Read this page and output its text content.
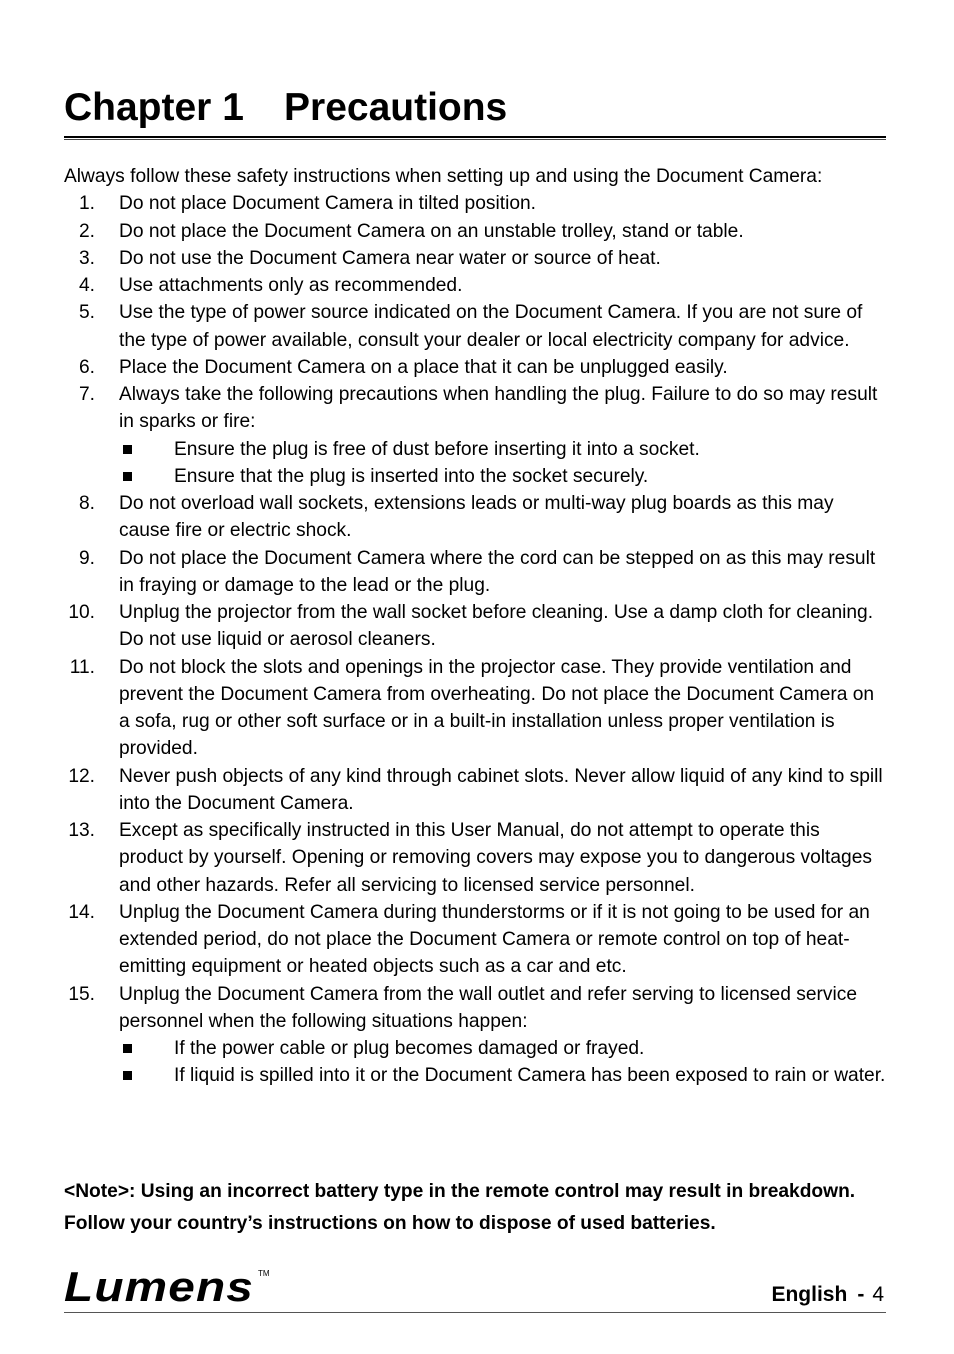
Chapter 1 Precautions

Always follow these safety instructions when setting up and using the Document Camera:

1. Do not place Document Camera in tilted position.
2. Do not place the Document Camera on an unstable trolley, stand or table.
3. Do not use the Document Camera near water or source of heat.
4. Use attachments only as recommended.
5. Use the type of power source indicated on the Document Camera. If you are not sure of the type of power available, consult your dealer or local electricity company for advice.
6. Place the Document Camera on a place that it can be unplugged easily.
7. Always take the following precautions when handling the plug. Failure to do so may result in sparks or fire:
Ensure the plug is free of dust before inserting it into a socket.
Ensure that the plug is inserted into the socket securely.
8. Do not overload wall sockets, extensions leads or multi-way plug boards as this may cause fire or electric shock.
9. Do not place the Document Camera where the cord can be stepped on as this may result in fraying or damage to the lead or the plug.
10. Unplug the projector from the wall socket before cleaning. Use a damp cloth for cleaning. Do not use liquid or aerosol cleaners.
11. Do not block the slots and openings in the projector case. They provide ventilation and prevent the Document Camera from overheating. Do not place the Document Camera on a sofa, rug or other soft surface or in a built-in installation unless proper ventilation is provided.
12. Never push objects of any kind through cabinet slots. Never allow liquid of any kind to spill into the Document Camera.
13. Except as specifically instructed in this User Manual, do not attempt to operate this product by yourself. Opening or removing covers may expose you to dangerous voltages and other hazards. Refer all servicing to licensed service personnel.
14. Unplug the Document Camera during thunderstorms or if it is not going to be used for an extended period, do not place the Document Camera or remote control on top of heat-emitting equipment or heated objects such as a car and etc.
15. Unplug the Document Camera from the wall outlet and refer serving to licensed service personnel when the following situations happen:
If the power cable or plug becomes damaged or frayed.
If liquid is spilled into it or the Document Camera has been exposed to rain or water.
<Note>: Using an incorrect battery type in the remote control may result in breakdown. Follow your country’s instructions on how to dispose of used batteries.
Lumens TM
English - 4
